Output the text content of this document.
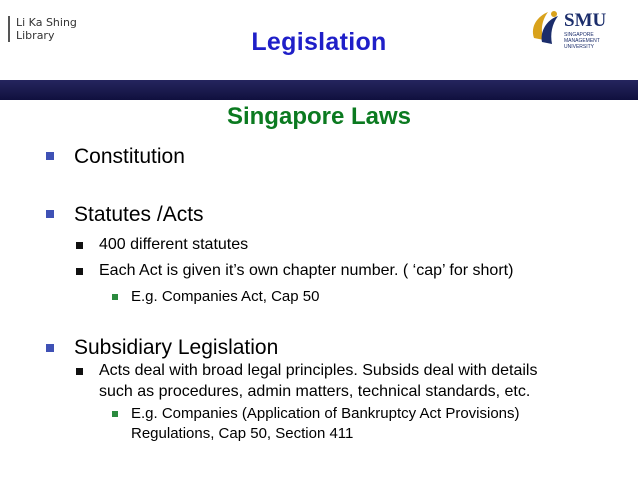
Li Ka Shing
Library	Legislation
SMU
SINGAPORE MANAGEMENT UNIVERSITY
Singapore Laws
Constitution
Statutes /Acts
400 different statutes
Each Act is given it’s own chapter number. ( ‘cap’ for short)
E.g. Companies Act, Cap 50
Subsidiary Legislation
Acts deal with broad legal principles. Subsids deal with details
such as procedures, admin matters, technical standards, etc.
E.g. Companies (Application of Bankruptcy Act Provisions)
Regulations, Cap 50, Section 411
